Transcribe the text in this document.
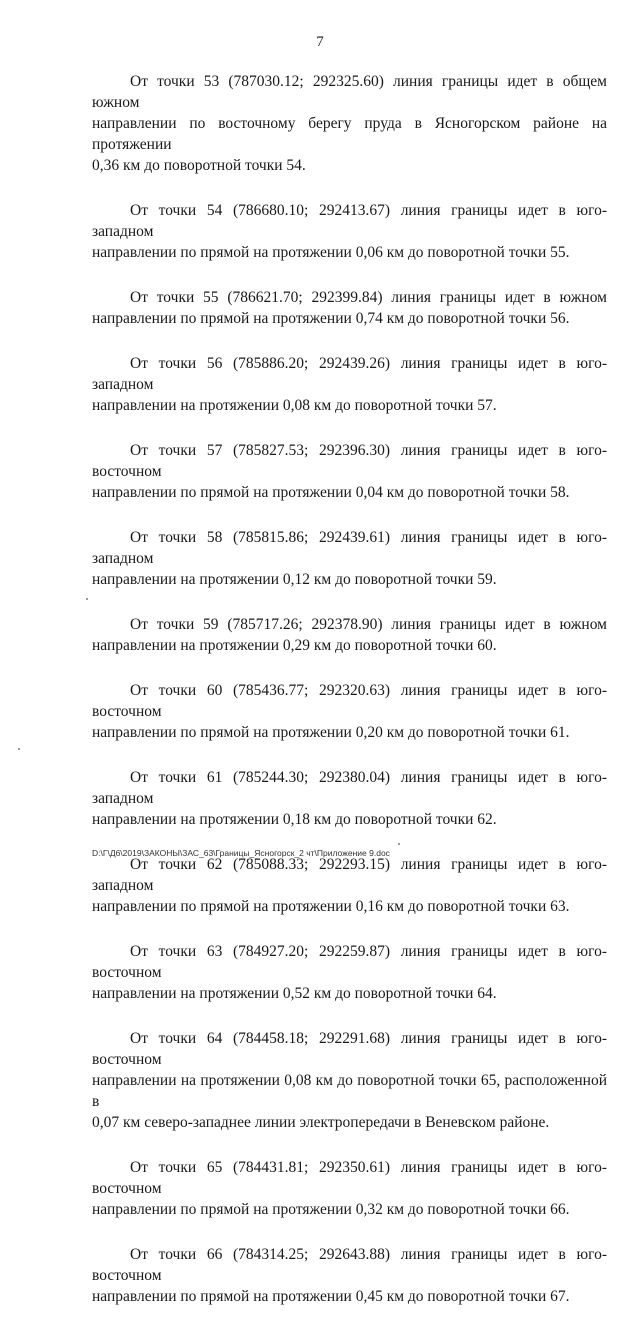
7

От точки 53 (787030.12; 292325.60) линия границы идет в общем южном
направлении по восточному берегу пруда в Ясногорском районе на протяжении
0,36 км до поворотной точки 54.

От точки 54 (786680.10; 292413.67) линия границы идет в юго-западном
направлении по прямой на протяжении 0,06 км до поворотной точки 55.

От точки 55 (786621.70; 292399.84) линия границы идет в южном
направлении по прямой на протяжении 0,74 км до поворотной точки 56.

От точки 56 (785886.20; 292439.26) линия границы идет в юго-западном
направлении на протяжении 0,08 км до поворотной точки 57.

От точки 57 (785827.53; 292396.30) линия границы идет в юго-восточном
направлении по прямой на протяжении 0,04 км до поворотной точки 58.

От точки 58 (785815.86; 292439.61) линия границы идет в юго-западном
направлении на протяжении 0,12 км до поворотной точки 59.

От точки 59 (785717.26; 292378.90) линия границы идет в южном
направлении на протяжении 0,29 км до поворотной точки 60.

От точки 60 (785436.77; 292320.63) линия границы идет в юго-восточном
направлении по прямой на протяжении 0,20 км до поворотной точки 61.

От точки 61 (785244.30; 292380.04) линия границы идет в юго-западном
направлении на протяжении 0,18 км до поворотной точки 62.

От точки 62 (785088.33; 292293.15) линия границы идет в юго-западном
направлении по прямой на протяжении 0,16 км до поворотной точки 63.

От точки 63 (784927.20; 292259.87) линия границы идет в юго-восточном
направлении на протяжении 0,52 км до поворотной точки 64.

От точки 64 (784458.18; 292291.68) линия границы идет в юго-восточном
направлении на протяжении 0,08 км до поворотной точки 65, расположенной в
0,07 км северо-западнее линии электропередачи в Веневском районе.

От точки 65 (784431.81; 292350.61) линия границы идет в юго-восточном
направлении по прямой на протяжении 0,32 км до поворотной точки 66.

От точки 66 (784314.25; 292643.88) линия границы идет в юго-восточном
направлении по прямой на протяжении 0,45 км до поворотной точки 67.

D:\Г\Д6\2019\ЗАКОНЫ\ЗАС_63\Границы_Ясногорск_2 чт\Приложение 9.doc
